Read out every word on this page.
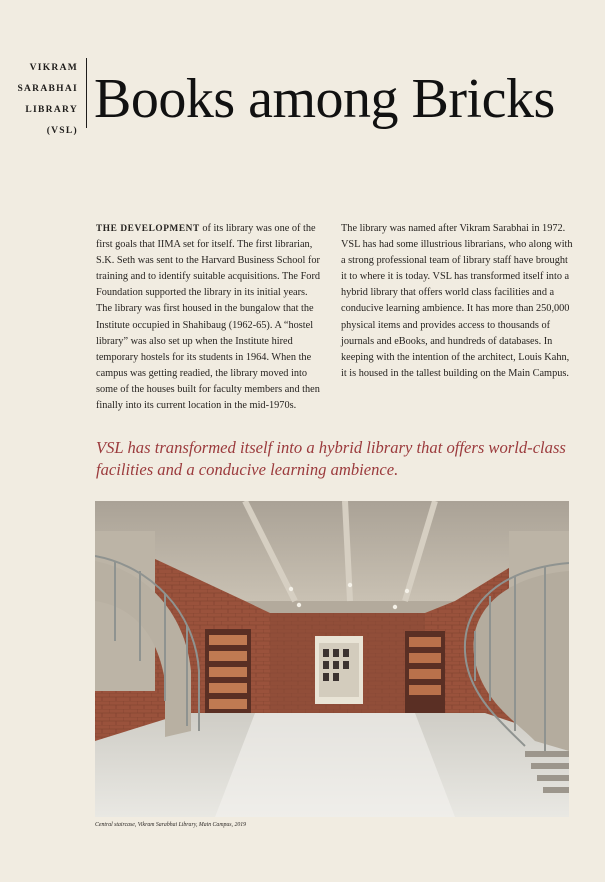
VIKRAM
SARABHAI
LIBRARY
(VSL)
Books among Bricks

THE DEVELOPMENT of its library was one of the first goals that IIMA set for itself. The first librarian, S.K. Seth was sent to the Harvard Business School for training and to identify suitable acquisitions. The Ford Foundation supported the library in its initial years. The library was first housed in the bungalow that the Institute occupied in Shahibaug (1962-65). A “hostel library” was also set up when the Institute hired temporary hostels for its students in 1964. When the campus was getting readied, the library moved into some of the houses built for faculty members and then finally into its current location in the mid-1970s.

The library was named after Vikram Sarabhai in 1972. VSL has had some illustrious librarians, who along with a strong professional team of library staff have brought it to where it is today. VSL has transformed itself into a hybrid library that offers world class facilities and a conducive learning ambience. It has more than 250,000 physical items and provides access to thousands of journals and eBooks, and hundreds of databases. In keeping with the intention of the architect, Louis Kahn, it is housed in the tallest building on the Main Campus.

VSL has transformed itself into a hybrid library that offers world-class facilities and a conducive learning ambience.

Central staircase, Vikram Sarabhai Library, Main Campus, 2019
